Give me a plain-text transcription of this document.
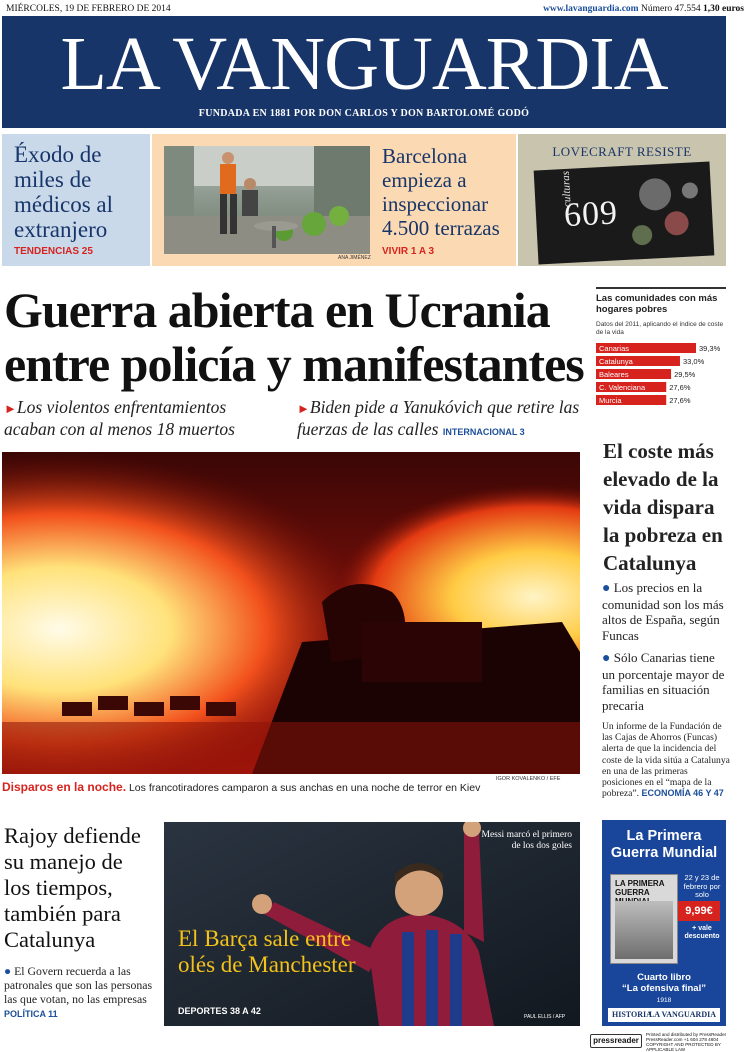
MIÉRCOLES, 19 DE FEBRERO DE 2014	www.lavanguardia.com Número 47.554 1,30 euros
LA VANGUARDIA
FUNDADA EN 1881 POR DON CARLOS Y DON BARTOLOMÉ GODÓ
Éxodo de miles de médicos al extranjero
TENDENCIAS 25
ANA JIMÉNEZ
Barcelona empieza a inspeccionar 4.500 terrazas
VIVIR 1 A 3
LOVECRAFT RESISTE
culturas
609
Guerra abierta en Ucrania entre policía y manifestantes
►Los violentos enfrentamientos acaban con al menos 18 muertos
►Biden pide a Yanukóvich que retire las fuerzas de las calles INTERNACIONAL 3
IGOR KOVALENKO / EFE
Disparos en la noche. Los francotiradores camparon a sus anchas en una noche de terror en Kiev
Las comunidades con más hogares pobres
Datos del 2011, aplicando el índice de coste de la vida
Canarias	39,3%
Catalunya	33,0%
Baleares	29,5%
C. Valenciana	27,6%
Murcia	27,6%
El coste más elevado de la vida dispara la pobreza en Catalunya
● Los precios en la comunidad son los más altos de España, según Funcas
● Sólo Canarias tiene un porcentaje mayor de familias en situación precaria
Un informe de la Fundación de las Cajas de Ahorros (Funcas) alerta de que la incidencia del coste de la vida sitúa a Catalunya en una de las primeras posiciones en el “mapa de la pobreza”. ECONOMÍA 46 Y 47
Rajoy defiende su manejo de los tiempos, también para Catalunya
● El Govern recuerda a las patronales que son las personas las que votan, no las empresas POLÍTICA 11
Messi marcó el primero de los dos goles
El Barça sale entre olés de Manchester
DEPORTES 38 A 42
PAUL ELLIS / AFP
La Primera Guerra Mundial
LA PRIMERA GUERRA
22 y 23 de febrero por solo
9,99€
+ vale descuento
Cuarto libro
“La ofensiva final”
1918
HISTORIA
LA VANGUARDIA
pressreader
Printed and distributed by PressReader PressReader.com +1 604 278 4604 COPYRIGHT AND PROTECTED BY APPLICABLE LAW
